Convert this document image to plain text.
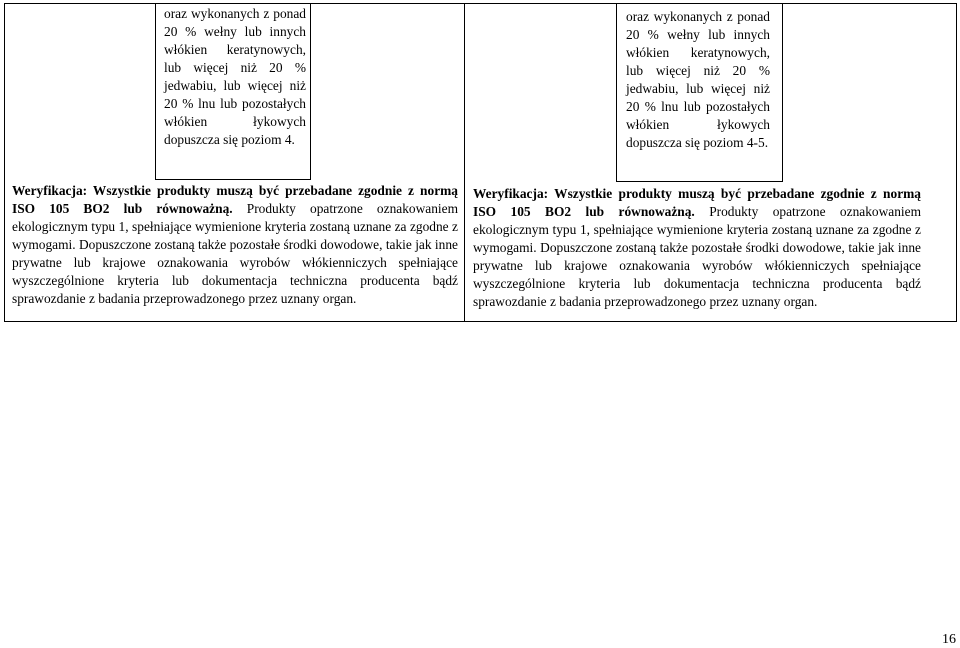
oraz wykonanych z ponad 20 % wełny lub innych włókien keratynowych, lub więcej niż 20 % jedwabiu, lub więcej niż 20 % lnu lub pozostałych włókien łykowych dopuszcza się poziom 4.

Weryfikacja: Wszystkie produkty muszą być przebadane zgodnie z normą ISO 105 BO2 lub równoważną. Produkty opatrzone oznakowaniem ekologicznym typu 1, spełniające wymienione kryteria zostaną uznane za zgodne z wymogami. Dopuszczone zostaną także pozostałe środki dowodowe, takie jak inne prywatne lub krajowe oznakowania wyrobów włókienniczych spełniające wyszczególnione kryteria lub dokumentacja techniczna producenta bądź sprawozdanie z badania przeprowadzonego przez uznany organ.

oraz wykonanych z ponad 20 % wełny lub innych włókien keratynowych, lub więcej niż 20 % jedwabiu, lub więcej niż 20 % lnu lub pozostałych włókien łykowych dopuszcza się poziom 4-5.

Weryfikacja: Wszystkie produkty muszą być przebadane zgodnie z normą ISO 105 BO2 lub równoważną. Produkty opatrzone oznakowaniem ekologicznym typu 1, spełniające wymienione kryteria zostaną uznane za zgodne z wymogami. Dopuszczone zostaną także pozostałe środki dowodowe, takie jak inne prywatne lub krajowe oznakowania wyrobów włókienniczych spełniające wyszczególnione kryteria lub dokumentacja techniczna producenta bądź sprawozdanie z badania przeprowadzonego przez uznany organ.

16
